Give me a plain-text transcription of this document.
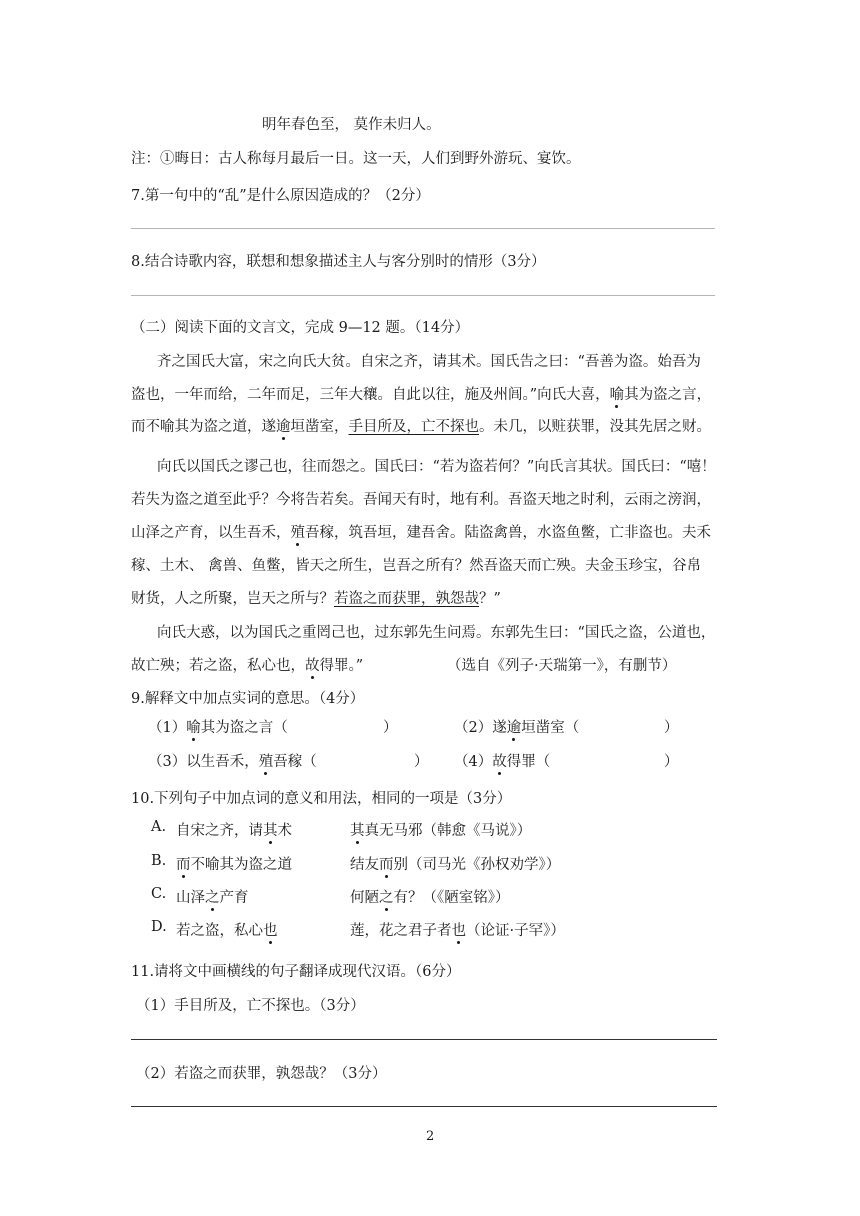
明年春色至， 莫作未归人。
注：①晦日：古人称每月最后一日。这一天，人们到野外游玩、宴饮。
7.第一句中的“乱”是什么原因造成的？（2分）
8.结合诗歌内容，联想和想象描述主人与客分别时的情形（3分）
（二）阅读下面的文言文，完成 9—12 题。（14分）
齐之国氏大富，宋之向氏大贫。自宋之齐，请其术。国氏告之曰：“吾善为盗。始吾为
盗也，一年而给，二年而足，三年大穰。自此以往，施及州闾。”向氏大喜，喻其为盗之言，
而不喻其为盗之道，遂逾垣凿室，手目所及，亡不探也。未几，以赃获罪，没其先居之财。
向氏以国氏之谬己也，往而怨之。国氏曰：“若为盗若何？”向氏言其状。国氏曰：“嘻！
若失为盗之道至此乎？今将告若矣。吾闻天有时，地有利。吾盗天地之时利，云雨之滂润，
山泽之产育，以生吾禾，殖吾稼，筑吾垣，建吾舍。陆盗禽兽，水盗鱼鳖，亡非盗也。夫禾
稼、土木、 禽兽、鱼鳖，皆天之所生，岂吾之所有？然吾盗天而亡殃。夫金玉珍宝，谷帛
财货，人之所聚，岂天之所与？若盗之而获罪，孰怨哉？”
向氏大惑，以为国氏之重罔己也，过东郭先生问焉。东郭先生曰：“国氏之盗，公道也，
故亡殃；若之盗，私心也，故得罪。”	（选自《列子·天瑞第一》，有删节）
9.解释文中加点实词的意思。（4分）
（1）喻其为盗之言（	）	（2）遂逾垣凿室（	）
（3）以生吾禾，殖吾稼（	） （4）故得罪（	）
10.下列句子中加点词的意义和用法，相同的一项是（3分）
A. 自宋之齐，请其术	其真无马邪（韩愈《马说》）
B. 而不喻其为盗之道	结友而别（司马光《孙权劝学》）
C. 山泽之产育	何陋之有？（《陋室铭》）
D. 若之盗，私心也	莲，花之君子者也（论证·子罕》）
11.请将文中画横线的句子翻译成现代汉语。（6分）
（1）手目所及，亡不探也。（3分）
（2）若盗之而获罪，孰怨哉？（3分）
2
